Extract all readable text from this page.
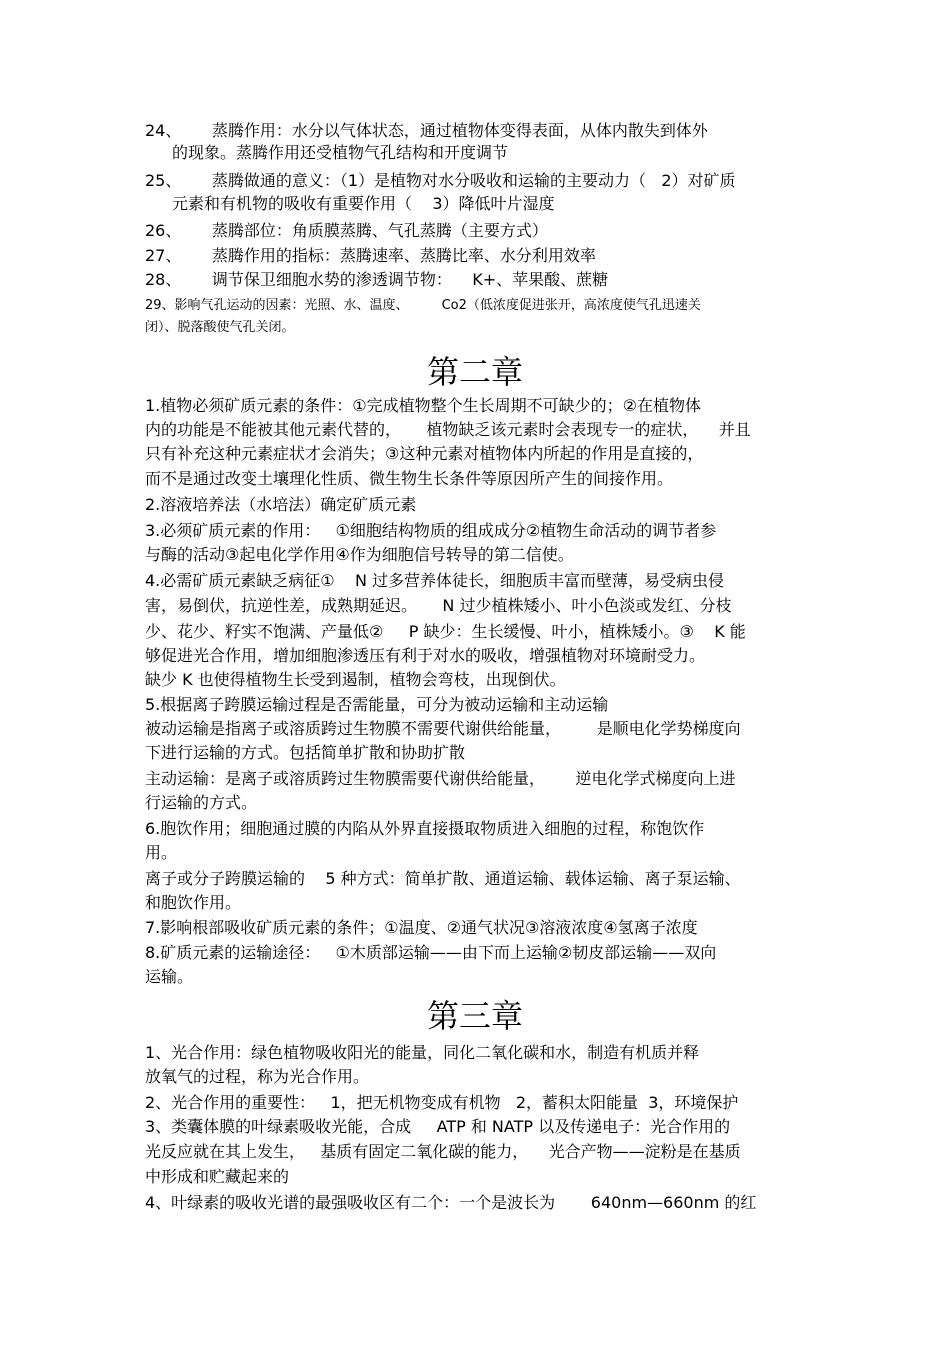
24、      蒸腾作用：水分以气体状态，通过植物体变得表面，从体内散失到体外
的现象。蒸腾作用还受植物气孔结构和开度调节
25、      蒸腾做通的意义：（1）是植物对水分吸收和运输的主要动力（   2）对矿质
元素和有机物的吸收有重要作用（    3）降低叶片湿度
26、      蒸腾部位：角质膜蒸腾、气孔蒸腾（主要方式）
27、      蒸腾作用的指标：蒸腾速率、蒸腾比率、水分利用效率
28、      调节保卫细胞水势的渗透调节物：    K+、苹果酸、蔗糖
29、影响气孔运动的因素：光照、水、温度、        Co2（低浓度促进张开，高浓度使气孔迅速关
闭）、脱落酸使气孔关闭。
第二章
1.植物必须矿质元素的条件：①完成植物整个生长周期不可缺少的；②在植物体
内的功能是不能被其他元素代替的，     植物缺乏该元素时会表现专一的症状，    并且
只有补充这种元素症状才会消失；③这种元素对植物体内所起的作用是直接的，
而不是通过改变土壤理化性质、微生物生长条件等原因所产生的间接作用。
2.溶液培养法（水培法）确定矿质元素
3.必须矿质元素的作用：   ①细胞结构物质的组成成分②植物生命活动的调节者参
与酶的活动③起电化学作用④作为细胞信号转导的第二信使。
4.必需矿质元素缺乏病征①    N 过多营养体徒长，细胞质丰富而壁薄，易受病虫侵
害，易倒伏，抗逆性差，成熟期延迟。     N 过少植株矮小、叶小色淡或发红、分枝
少、花少、籽实不饱满、产量低②     P 缺少：生长缓慢、叶小，植株矮小。③    K 能
够促进光合作用，增加细胞渗透压有利于对水的吸收，增强植物对环境耐受力。
缺少 K 也使得植物生长受到遏制，植物会弯枝，出现倒伏。
5.根据离子跨膜运输过程是否需能量，可分为被动运输和主动运输
被动运输是指离子或溶质跨过生物膜不需要代谢供给能量，       是顺电化学势梯度向
下进行运输的方式。包括简单扩散和协助扩散
主动运输：是离子或溶质跨过生物膜需要代谢供给能量，      逆电化学式梯度向上进
行运输的方式。
6.胞饮作用；细胞通过膜的内陷从外界直接摄取物质进入细胞的过程，称饱饮作
用。
离子或分子跨膜运输的    5 种方式：简单扩散、通道运输、载体运输、离子泵运输、
和胞饮作用。
7.影响根部吸收矿质元素的条件；①温度、②通气状况③溶液浓度④氢离子浓度
8.矿质元素的运输途径：   ①木质部运输——由下而上运输②韧皮部运输——双向
运输。
第三章
1、光合作用：绿色植物吸收阳光的能量，同化二氧化碳和水，制造有机质并释
放氧气的过程，称为光合作用。
2、光合作用的重要性：   1，把无机物变成有机物   2，蓄积太阳能量  3，环境保护
3、类囊体膜的叶绿素吸收光能，合成     ATP 和 NATP 以及传递电子：光合作用的
光反应就在其上发生，   基质有固定二氧化碳的能力，    光合产物——淀粉是在基质
中形成和贮藏起来的
4、叶绿素的吸收光谱的最强吸收区有二个：一个是波长为       640nm—660nm 的红
